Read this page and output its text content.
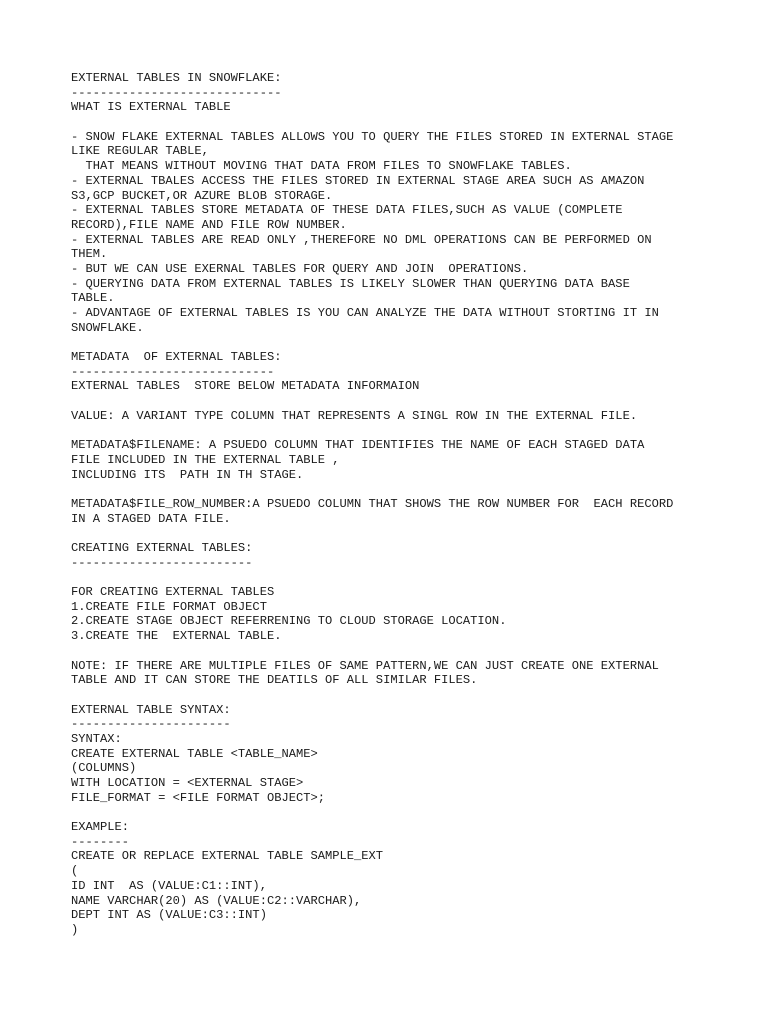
EXTERNAL TABLES IN SNOWFLAKE:
-----------------------------
WHAT IS EXTERNAL TABLE
- SNOW FLAKE EXTERNAL TABLES ALLOWS YOU TO QUERY THE FILES STORED IN EXTERNAL STAGE
LIKE REGULAR TABLE,
THAT MEANS WITHOUT MOVING THAT DATA FROM FILES TO SNOWFLAKE TABLES.
- EXTERNAL TBALES ACCESS THE FILES STORED IN EXTERNAL STAGE AREA SUCH AS AMAZON
S3,GCP BUCKET,OR AZURE BLOB STORAGE.
- EXTERNAL TABLES STORE METADATA OF THESE DATA FILES,SUCH AS VALUE (COMPLETE
RECORD),FILE NAME AND FILE ROW NUMBER.
- EXTERNAL TABLES ARE READ ONLY ,THEREFORE NO DML OPERATIONS CAN BE PERFORMED ON
THEM.
- BUT WE CAN USE EXERNAL TABLES FOR QUERY AND JOIN  OPERATIONS.
- QUERYING DATA FROM EXTERNAL TABLES IS LIKELY SLOWER THAN QUERYING DATA BASE
TABLE.
- ADVANTAGE OF EXTERNAL TABLES IS YOU CAN ANALYZE THE DATA WITHOUT STORTING IT IN
SNOWFLAKE.
METADATA  OF EXTERNAL TABLES:
----------------------------
EXTERNAL TABLES  STORE BELOW METADATA INFORMAION
VALUE: A VARIANT TYPE COLUMN THAT REPRESENTS A SINGL ROW IN THE EXTERNAL FILE.
METADATA$FILENAME: A PSUEDO COLUMN THAT IDENTIFIES THE NAME OF EACH STAGED DATA
FILE INCLUDED IN THE EXTERNAL TABLE ,
INCLUDING ITS  PATH IN TH STAGE.
METADATA$FILE_ROW_NUMBER:A PSUEDO COLUMN THAT SHOWS THE ROW NUMBER FOR  EACH RECORD
IN A STAGED DATA FILE.
CREATING EXTERNAL TABLES:
-------------------------
FOR CREATING EXTERNAL TABLES
1.CREATE FILE FORMAT OBJECT
2.CREATE STAGE OBJECT REFERRENING TO CLOUD STORAGE LOCATION.
3.CREATE THE  EXTERNAL TABLE.
NOTE: IF THERE ARE MULTIPLE FILES OF SAME PATTERN,WE CAN JUST CREATE ONE EXTERNAL
TABLE AND IT CAN STORE THE DEATILS OF ALL SIMILAR FILES.
EXTERNAL TABLE SYNTAX:
----------------------
SYNTAX:
CREATE EXTERNAL TABLE <TABLE_NAME>
(COLUMNS)
WITH LOCATION = <EXTERNAL STAGE>
FILE_FORMAT = <FILE FORMAT OBJECT>;
EXAMPLE:
--------
CREATE OR REPLACE EXTERNAL TABLE SAMPLE_EXT
(
ID INT  AS (VALUE:C1::INT),
NAME VARCHAR(20) AS (VALUE:C2::VARCHAR),
DEPT INT AS (VALUE:C3::INT)
)
